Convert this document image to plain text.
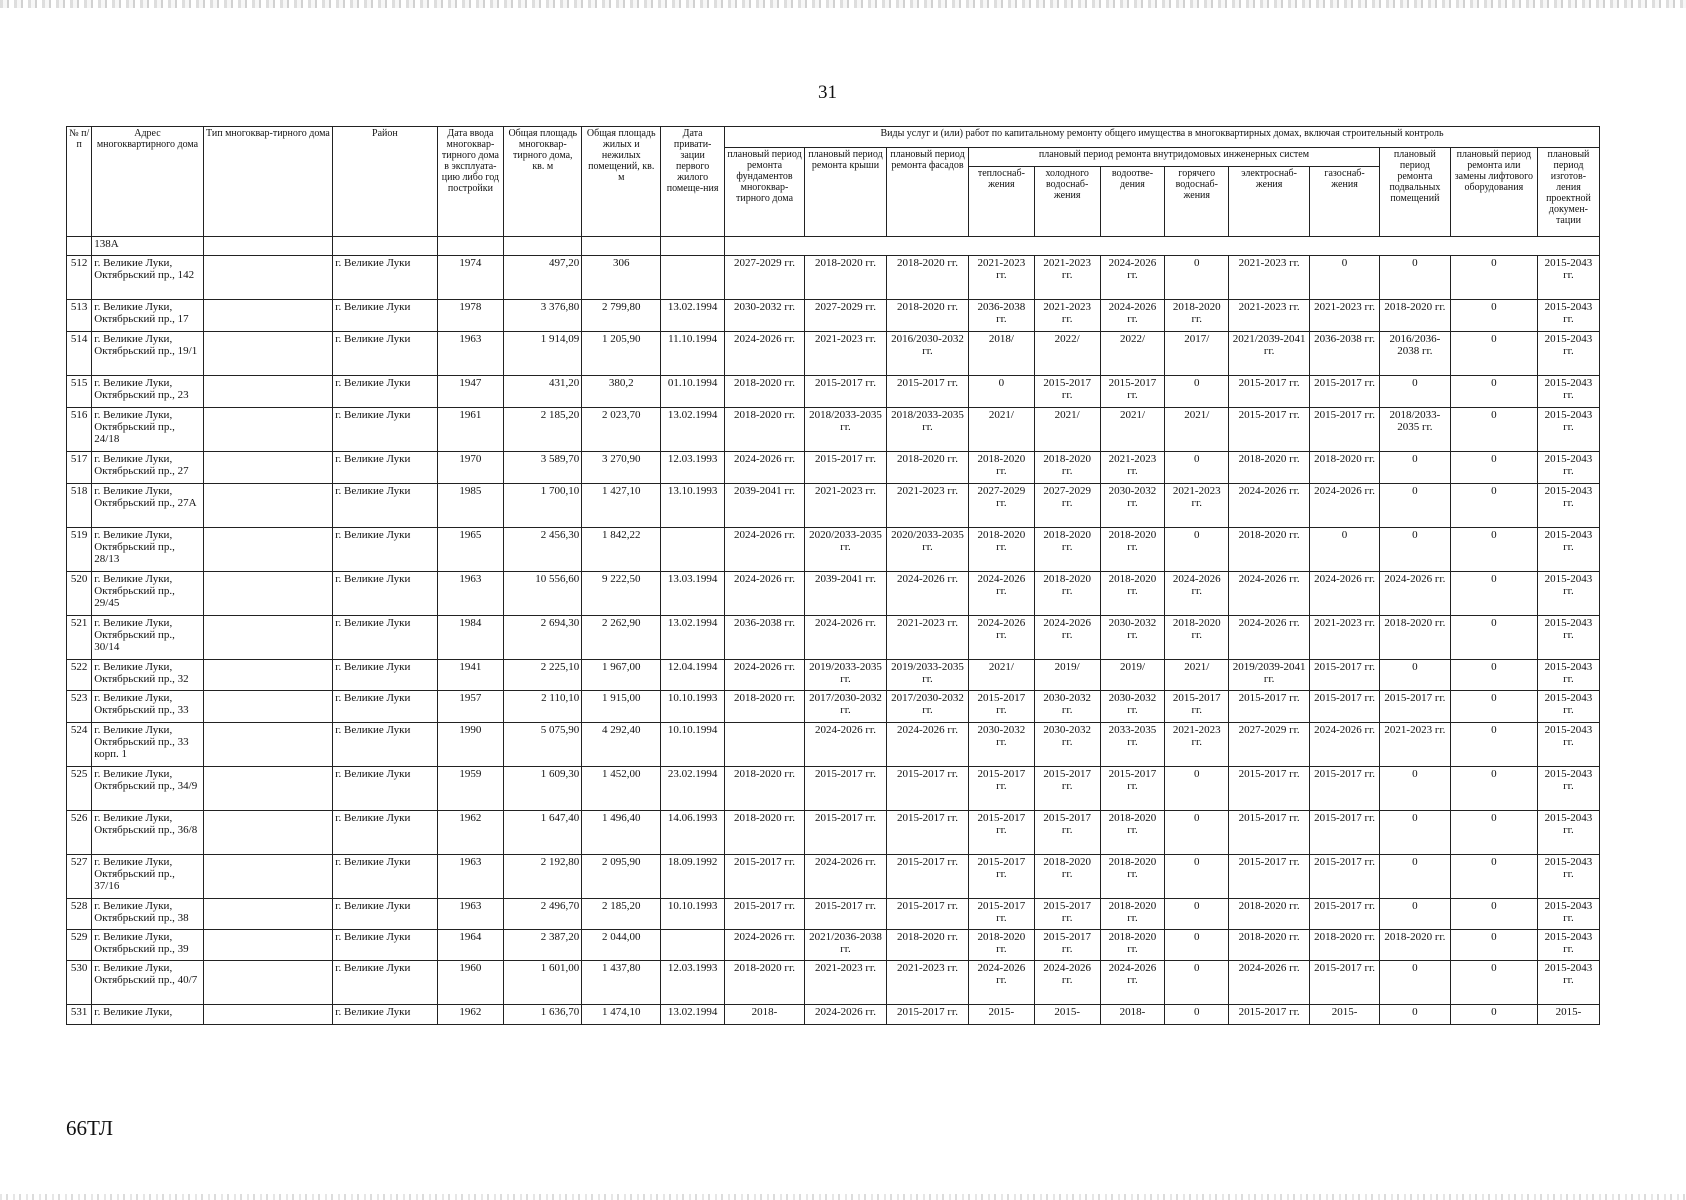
31
№ п/п	Адрес многоквартирного дома	Тип многоквар-тирного дома	Район	Дата ввода многоквар-тирного дома в эксплуата-цию либо год постройки	Общая площадь многоквар-тирного дома, кв. м	Общая площадь жилых и нежилых помещений, кв. м	Дата привати-зации первого жилого помеще-ния	Виды услуг и (или) работ по капитальному ремонту общего имущества в многоквартирных домах, включая строительный контроль											
								плановый период ремонта фундаментов многоквар-тирного дома	плановый период ремонта крыши	плановый период ремонта фасадов	плановый период ремонта внутридомовых инженерных систем						плановый период ремонта подвальных помещений	плановый период ремонта или замены лифтового оборудования	плановый период изготов-ления проектной докумен-тации
											теплоснаб-жения	холодного водоснаб-жения	водоотве-дения	горячего водоснаб-жения	электроснаб-жения	газоснаб-жения			
	138А																		
512	г. Великие Луки, Октябрьский пр., 142		г. Великие Луки	1974	497,20	306		2027-2029 гг.	2018-2020 гг.	2018-2020 гг.	2021-2023 гг.	2021-2023 гг.	2024-2026 гг.	0	2021-2023 гг.	0	0	0	2015-2043 гг.
513	г. Великие Луки, Октябрьский пр., 17		г. Великие Луки	1978	3 376,80	2 799,80	13.02.1994	2030-2032 гг.	2027-2029 гг.	2018-2020 гг.	2036-2038 гг.	2021-2023 гг.	2024-2026 гг.	2018-2020 гг.	2021-2023 гг.	2021-2023 гг.	2018-2020 гг.	0	2015-2043 гг.
514	г. Великие Луки, Октябрьский пр., 19/1		г. Великие Луки	1963	1 914,09	1 205,90	11.10.1994	2024-2026 гг.	2021-2023 гг.	2016/2030-2032 гг.	2018/	2022/	2022/	2017/	2021/2039-2041 гг.	2036-2038 гг.	2016/2036-2038 гг.	0	2015-2043 гг.
515	г. Великие Луки, Октябрьский пр., 23		г. Великие Луки	1947	431,20	380,2	01.10.1994	2018-2020 гг.	2015-2017 гг.	2015-2017 гг.	0	2015-2017 гг.	2015-2017 гг.	0	2015-2017 гг.	2015-2017 гг.	0	0	2015-2043 гг.
516	г. Великие Луки, Октябрьский пр., 24/18		г. Великие Луки	1961	2 185,20	2 023,70	13.02.1994	2018-2020 гг.	2018/2033-2035 гг.	2018/2033-2035 гг.	2021/	2021/	2021/	2021/	2015-2017 гг.	2015-2017 гг.	2018/2033-2035 гг.	0	2015-2043 гг.
517	г. Великие Луки, Октябрьский пр., 27		г. Великие Луки	1970	3 589,70	3 270,90	12.03.1993	2024-2026 гг.	2015-2017 гг.	2018-2020 гг.	2018-2020 гг.	2018-2020 гг.	2021-2023 гг.	0	2018-2020 гг.	2018-2020 гг.	0	0	2015-2043 гг.
518	г. Великие Луки, Октябрьский пр., 27А		г. Великие Луки	1985	1 700,10	1 427,10	13.10.1993	2039-2041 гг.	2021-2023 гг.	2021-2023 гг.	2027-2029 гг.	2027-2029 гг.	2030-2032 гг.	2021-2023 гг.	2024-2026 гг.	2024-2026 гг.	0	0	2015-2043 гг.
519	г. Великие Луки, Октябрьский пр., 28/13		г. Великие Луки	1965	2 456,30	1 842,22		2024-2026 гг.	2020/2033-2035 гг.	2020/2033-2035 гг.	2018-2020 гг.	2018-2020 гг.	2018-2020 гг.	0	2018-2020 гг.	0	0	0	2015-2043 гг.
520	г. Великие Луки, Октябрьский пр., 29/45		г. Великие Луки	1963	10 556,60	9 222,50	13.03.1994	2024-2026 гг.	2039-2041 гг.	2024-2026 гг.	2024-2026 гг.	2018-2020 гг.	2018-2020 гг.	2024-2026 гг.	2024-2026 гг.	2024-2026 гг.	2024-2026 гг.	0	2015-2043 гг.
521	г. Великие Луки, Октябрьский пр., 30/14		г. Великие Луки	1984	2 694,30	2 262,90	13.02.1994	2036-2038 гг.	2024-2026 гг.	2021-2023 гг.	2024-2026 гг.	2024-2026 гг.	2030-2032 гг.	2018-2020 гг.	2024-2026 гг.	2021-2023 гг.	2018-2020 гг.	0	2015-2043 гг.
522	г. Великие Луки, Октябрьский пр., 32		г. Великие Луки	1941	2 225,10	1 967,00	12.04.1994	2024-2026 гг.	2019/2033-2035 гг.	2019/2033-2035 гг.	2021/	2019/	2019/	2021/	2019/2039-2041 гг.	2015-2017 гг.	0	0	2015-2043 гг.
523	г. Великие Луки, Октябрьский пр., 33		г. Великие Луки	1957	2 110,10	1 915,00	10.10.1993	2018-2020 гг.	2017/2030-2032 гг.	2017/2030-2032 гг.	2015-2017 гг.	2030-2032 гг.	2030-2032 гг.	2015-2017 гг.	2015-2017 гг.	2015-2017 гг.	2015-2017 гг.	0	2015-2043 гг.
524	г. Великие Луки, Октябрьский пр., 33 корп. 1		г. Великие Луки	1990	5 075,90	4 292,40	10.10.1994		2024-2026 гг.	2024-2026 гг.	2030-2032 гг.	2030-2032 гг.	2033-2035 гг.	2021-2023 гг.	2027-2029 гг.	2024-2026 гг.	2021-2023 гг.	0	2015-2043 гг.
525	г. Великие Луки, Октябрьский пр., 34/9		г. Великие Луки	1959	1 609,30	1 452,00	23.02.1994	2018-2020 гг.	2015-2017 гг.	2015-2017 гг.	2015-2017 гг.	2015-2017 гг.	2015-2017 гг.	0	2015-2017 гг.	2015-2017 гг.	0	0	2015-2043 гг.
526	г. Великие Луки, Октябрьский пр., 36/8		г. Великие Луки	1962	1 647,40	1 496,40	14.06.1993	2018-2020 гг.	2015-2017 гг.	2015-2017 гг.	2015-2017 гг.	2015-2017 гг.	2018-2020 гг.	0	2015-2017 гг.	2015-2017 гг.	0	0	2015-2043 гг.
527	г. Великие Луки, Октябрьский пр., 37/16		г. Великие Луки	1963	2 192,80	2 095,90	18.09.1992	2015-2017 гг.	2024-2026 гг.	2015-2017 гг.	2015-2017 гг.	2018-2020 гг.	2018-2020 гг.	0	2015-2017 гг.	2015-2017 гг.	0	0	2015-2043 гг.
528	г. Великие Луки, Октябрьский пр., 38		г. Великие Луки	1963	2 496,70	2 185,20	10.10.1993	2015-2017 гг.	2015-2017 гг.	2015-2017 гг.	2015-2017 гг.	2015-2017 гг.	2018-2020 гг.	0	2018-2020 гг.	2015-2017 гг.	0	0	2015-2043 гг.
529	г. Великие Луки, Октябрьский пр., 39		г. Великие Луки	1964	2 387,20	2 044,00		2024-2026 гг.	2021/2036-2038 гг.	2018-2020 гг.	2018-2020 гг.	2015-2017 гг.	2018-2020 гг.	0	2018-2020 гг.	2018-2020 гг.	2018-2020 гг.	0	2015-2043 гг.
530	г. Великие Луки, Октябрьский пр., 40/7		г. Великие Луки	1960	1 601,00	1 437,80	12.03.1993	2018-2020 гг.	2021-2023 гг.	2021-2023 гг.	2024-2026 гг.	2024-2026 гг.	2024-2026 гг.	0	2024-2026 гг.	2015-2017 гг.	0	0	2015-2043 гг.
531	г. Великие Луки,		г. Великие Луки	1962	1 636,70	1 474,10	13.02.1994	2018-	2024-2026 гг.	2015-2017 гг.	2015-	2015-	2018-	0	2015-2017 гг.	2015-	0	0	2015-
66ТЛ
